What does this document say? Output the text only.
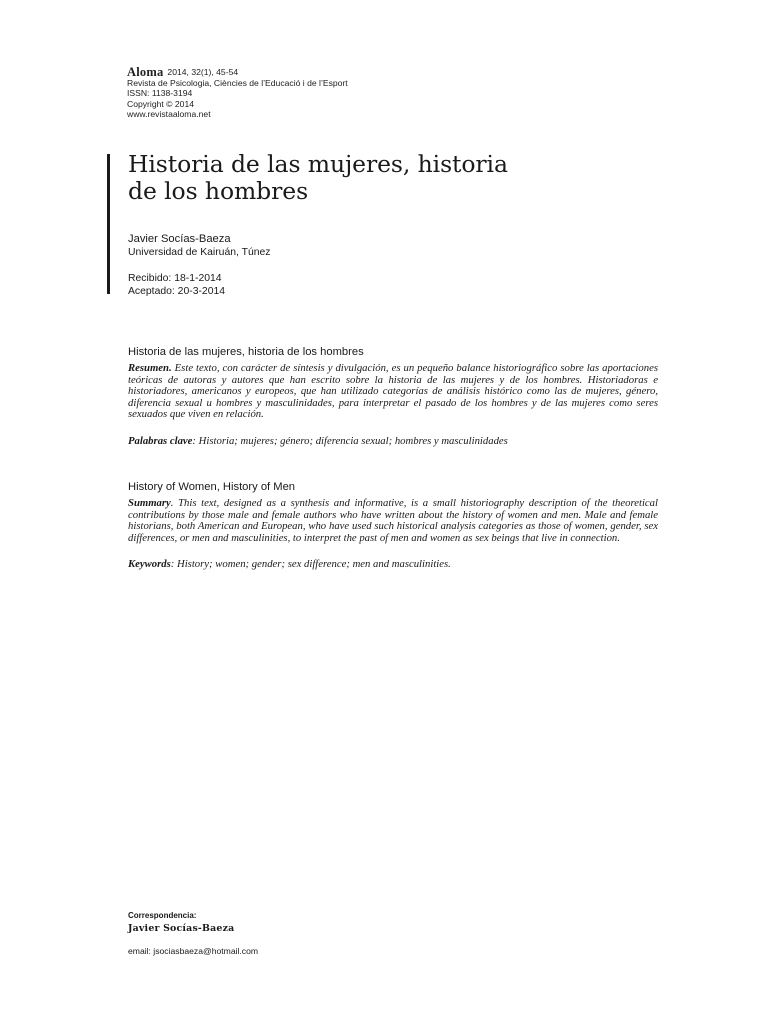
Aloma 2014, 32(1), 45-54
Revista de Psicologia, Ciències de l’Educació i de l’Esport
ISSN: 1138-3194
Copyright © 2014
www.revistaaloma.net
Historia de las mujeres, historia
de los hombres
Javier Socías-Baeza
Universidad de Kairuán, Túnez
Recibido: 18-1-2014
Aceptado: 20-3-2014
Historia de las mujeres, historia de los hombres

Resumen. Este texto, con carácter de síntesis y divulgación, es un pequeño balance historiográfico sobre las aportaciones teóricas de autoras y autores que han escrito sobre la historia de las mujeres y de los hombres. Historiadoras e historiadores, americanos y europeos, que han utilizado categorías de análisis histórico como las de mujeres, género, diferencia sexual u hombres y masculinidades, para interpretar el pasado de los hombres y de las mujeres como seres sexuados que viven en relación.

Palabras clave: Historia; mujeres; género; diferencia sexual; hombres y masculinidades

History of Women, History of Men

Summary. This text, designed as a synthesis and informative, is a small historiography description of the theoretical contributions by those male and female authors who have written about the history of women and men. Male and female historians, both American and European, who have used such historical analysis categories as those of women, gender, sex differences, or men and masculinities, to interpret the past of men and women as sex beings that live in connection.

Keywords: History; women; gender; sex difference; men and masculinities.

Correspondencia:
Javier Socías-Baeza
email: jsociasbaeza@hotmail.com
